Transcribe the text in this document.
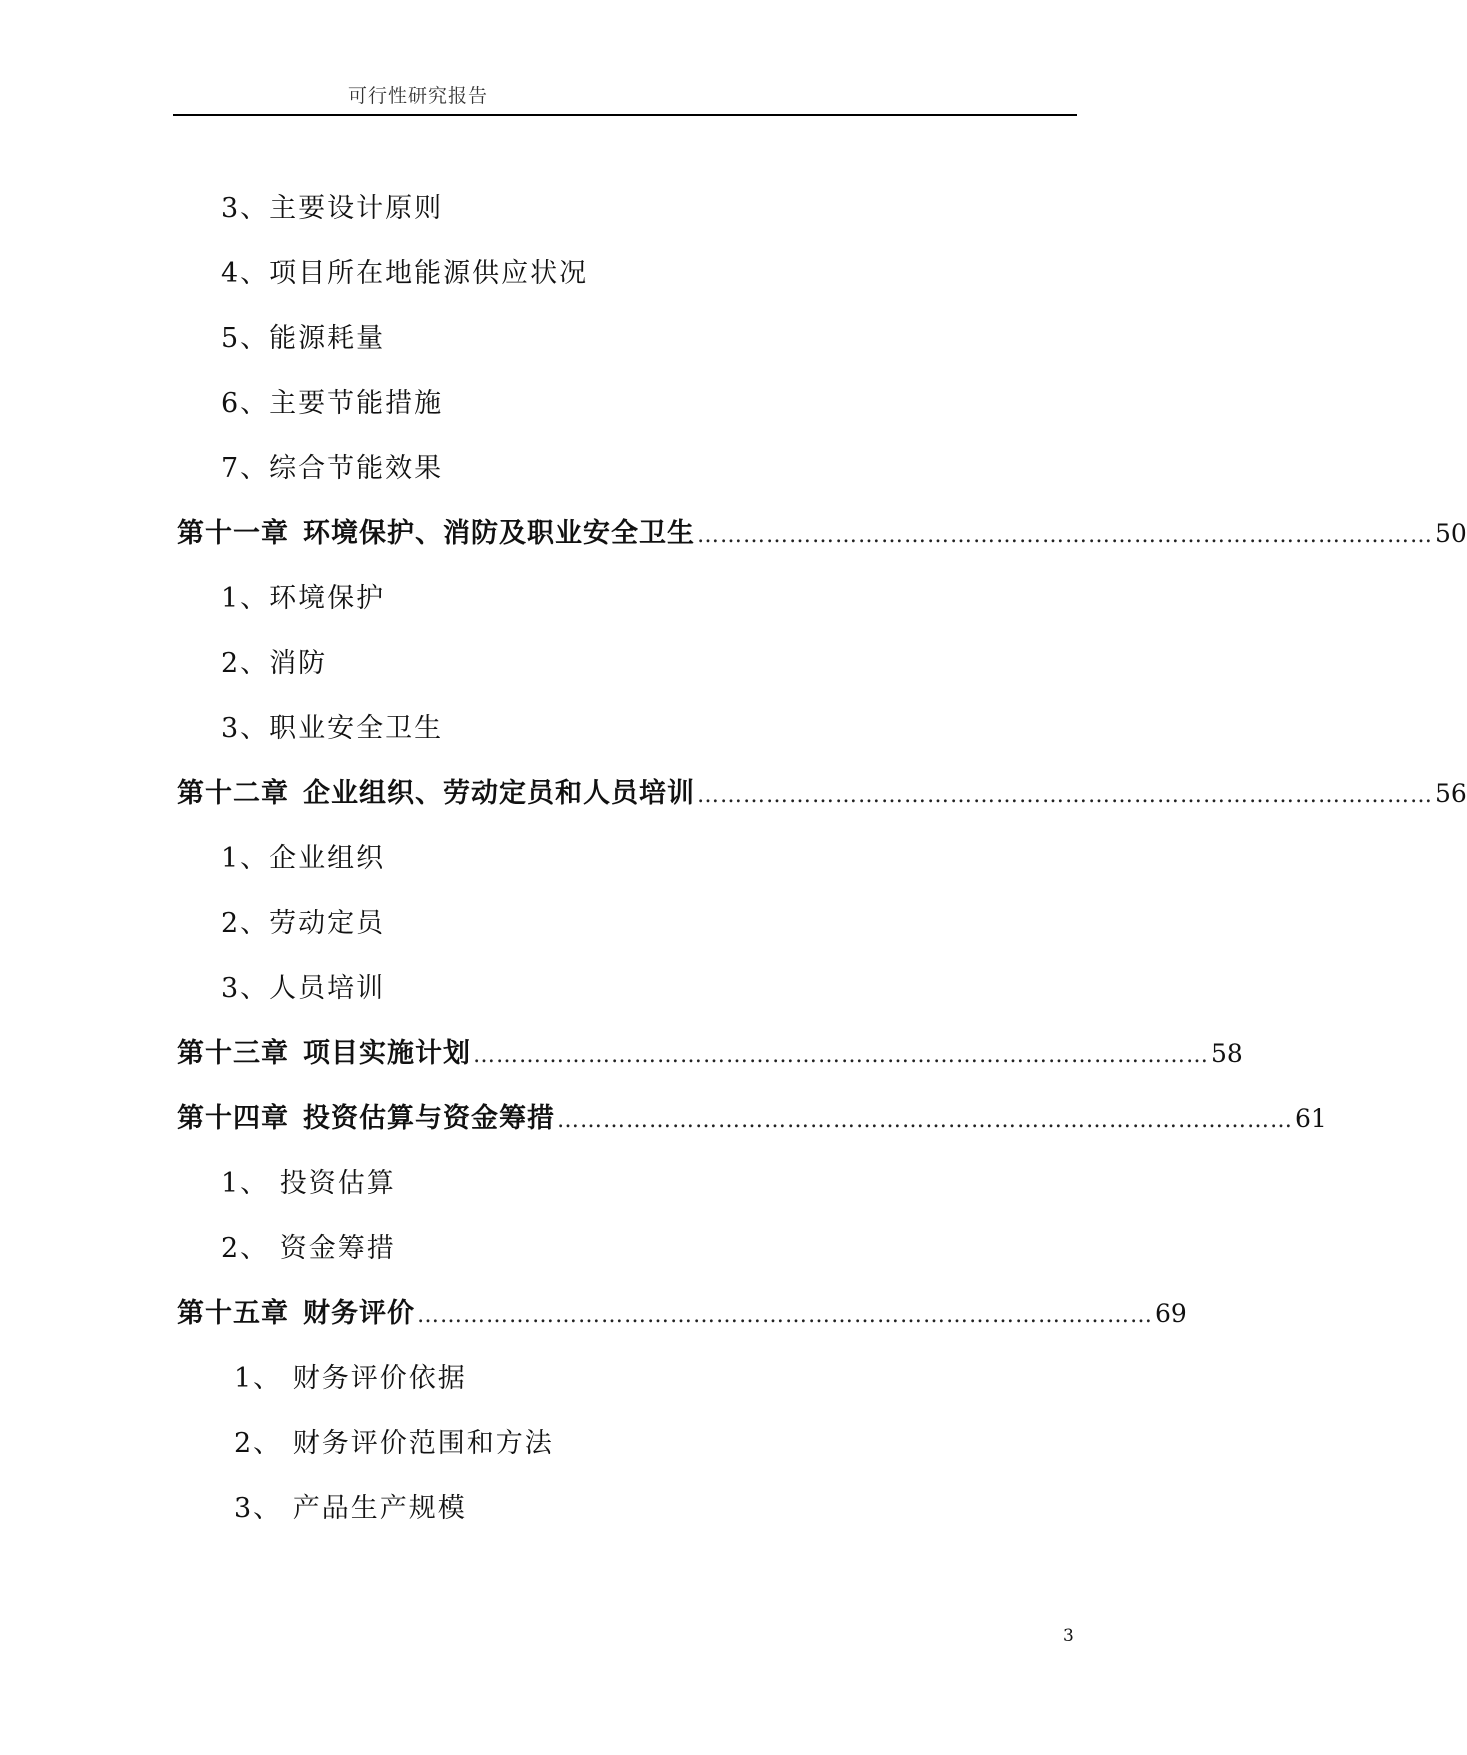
可行性研究报告
3、主要设计原则
4、项目所在地能源供应状况
5、能源耗量
6、主要节能措施
7、综合节能效果
第十一章 环境保护、消防及职业安全卫生 …………………………………………………………………………………… 50
1、环境保护
2、消防
3、职业安全卫生
第十二章 企业组织、劳动定员和人员培训 …………………………………………………………………………………… 56
1、企业组织
2、劳动定员
3、人员培训
第十三章 项目实施计划 …………………………………………………………………………………… 58
第十四章 投资估算与资金筹措 …………………………………………………………………………………… 61
1、 投资估算
2、 资金筹措
第十五章 财务评价 …………………………………………………………………………………… 69
1、 财务评价依据
2、 财务评价范围和方法
3、 产品生产规模
3
